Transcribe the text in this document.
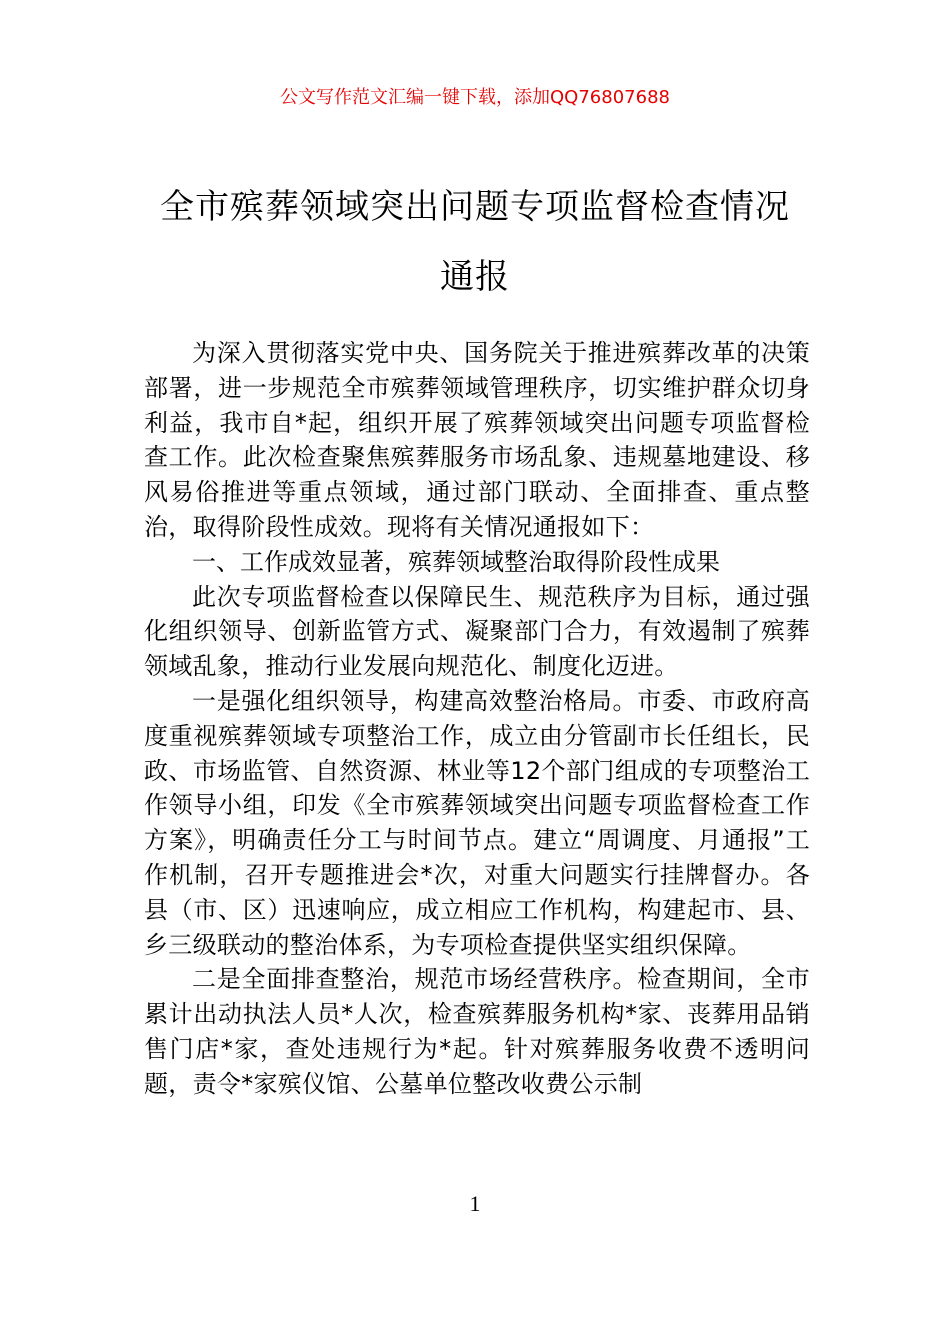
公文写作范文汇编一键下载，添加QQ76807688
全市殡葬领域突出问题专项监督检查情况
通报

为深入贯彻落实党中央、国务院关于推进殡葬改革的决策部署，进一步规范全市殡葬领域管理秩序，切实维护群众切身利益，我市自*起，组织开展了殡葬领域突出问题专项监督检查工作。此次检查聚焦殡葬服务市场乱象、违规墓地建设、移风易俗推进等重点领域，通过部门联动、全面排查、重点整治，取得阶段性成效。现将有关情况通报如下：

一、工作成效显著，殡葬领域整治取得阶段性成果

此次专项监督检查以保障民生、规范秩序为目标，通过强化组织领导、创新监管方式、凝聚部门合力，有效遏制了殡葬领域乱象，推动行业发展向规范化、制度化迈进。

一是强化组织领导，构建高效整治格局。市委、市政府高度重视殡葬领域专项整治工作，成立由分管副市长任组长，民政、市场监管、自然资源、林业等12个部门组成的专项整治工作领导小组，印发《全市殡葬领域突出问题专项监督检查工作方案》，明确责任分工与时间节点。建立“周调度、月通报”工作机制，召开专题推进会*次，对重大问题实行挂牌督办。各县（市、区）迅速响应，成立相应工作机构，构建起市、县、乡三级联动的整治体系，为专项检查提供坚实组织保障。

二是全面排查整治，规范市场经营秩序。检查期间，全市累计出动执法人员*人次，检查殡葬服务机构*家、丧葬用品销售门店*家，查处违规行为*起。针对殡葬服务收费不透明问题，责令*家殡仪馆、公墓单位整改收费公示制

1
